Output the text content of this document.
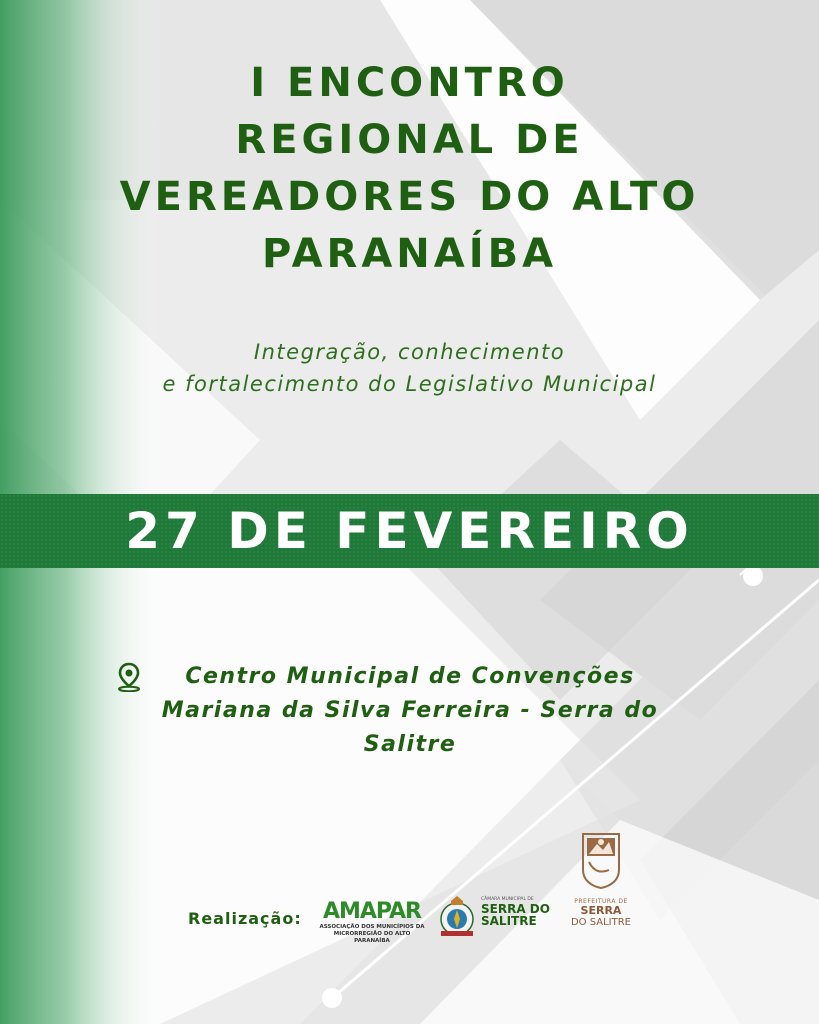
I ENCONTRO
REGIONAL DE
VEREADORES DO ALTO
PARANAÍBA
Integração, conhecimento
e fortalecimento do Legislativo Municipal
27 DE FEVEREIRO
Centro Municipal de Convenções
Mariana da Silva Ferreira - Serra do
Salitre
Realização: AMAPAR
ASSOCIAÇÃO DOS MUNICÍPIOS DA
MICRORREGIÃO DO ALTO PARANAÍBA
CÂMARA MUNICIPAL DE
SERRA DO
SALITRE
PREFEITURA DE
SERRA
DO SALITRE
